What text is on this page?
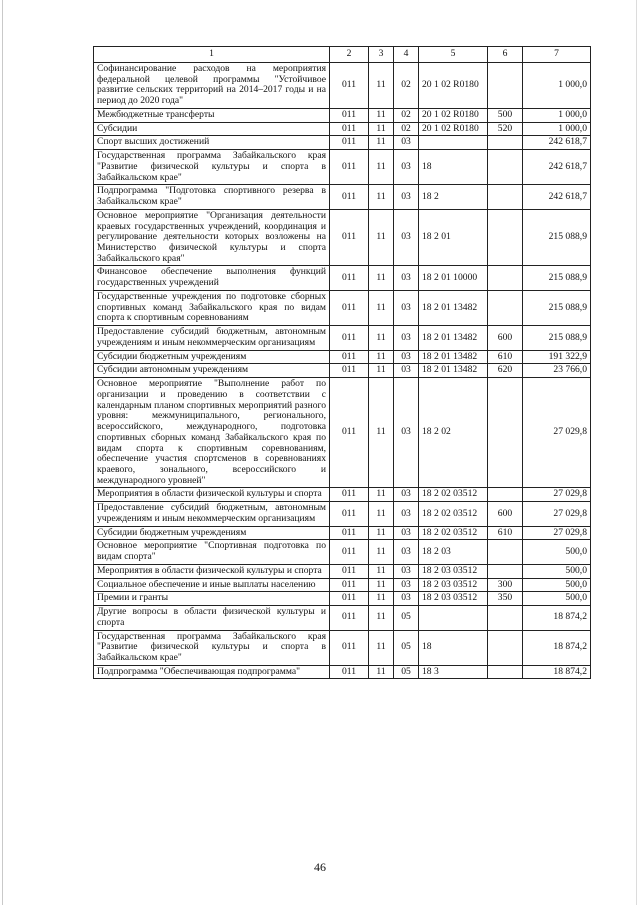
1	2	3	4	5	6	7
Софинансирование расходов на мероприятия федеральной целевой программы "Устойчивое развитие сельских территорий на 2014–2017 годы и на период до 2020 года"	011	11	02	20 1 02 R0180		1 000,0
Межбюджетные трансферты	011	11	02	20 1 02 R0180	500	1 000,0
Субсидии	011	11	02	20 1 02 R0180	520	1 000,0
Спорт высших достижений	011	11	03			242 618,7
Государственная программа Забайкальского края "Развитие физической культуры и спорта в Забайкальском крае"	011	11	03	18		242 618,7
Подпрограмма "Подготовка спортивного резерва в Забайкальском крае"	011	11	03	18 2		242 618,7
Основное мероприятие "Организация деятельности краевых государственных учреждений, координация и регулирование деятельности которых возложены на Министерство физической культуры и спорта Забайкальского края"	011	11	03	18 2 01		215 088,9
Финансовое обеспечение выполнения функций государственных учреждений	011	11	03	18 2 01 10000		215 088,9
Государственные учреждения по подготовке сборных спортивных команд Забайкальского края по видам спорта к спортивным соревнованиям	011	11	03	18 2 01 13482		215 088,9
Предоставление субсидий бюджетным, автономным учреждениям и иным некоммерческим организациям	011	11	03	18 2 01 13482	600	215 088,9
Субсидии бюджетным учреждениям	011	11	03	18 2 01 13482	610	191 322,9
Субсидии автономным учреждениям	011	11	03	18 2 01 13482	620	23 766,0
Основное мероприятие "Выполнение работ по организации и проведению в соответствии с календарным планом спортивных мероприятий разного уровня: межмуниципального, регионального, всероссийского, международного, подготовка спортивных сборных команд Забайкальского края по видам спорта к спортивным соревнованиям, обеспечение участия спортсменов в соревнованиях краевого, зонального, всероссийского и международного уровней"	011	11	03	18 2 02		27 029,8
Мероприятия в области физической культуры и спорта	011	11	03	18 2 02 03512		27 029,8
Предоставление субсидий бюджетным, автономным учреждениям и иным некоммерческим организациям	011	11	03	18 2 02 03512	600	27 029,8
Субсидии бюджетным учреждениям	011	11	03	18 2 02 03512	610	27 029,8
Основное мероприятие "Спортивная подготовка по видам спорта"	011	11	03	18 2 03		500,0
Мероприятия в области физической культуры и спорта	011	11	03	18 2 03 03512		500,0
Социальное обеспечение и иные выплаты населению	011	11	03	18 2 03 03512	300	500,0
Премии и гранты	011	11	03	18 2 03 03512	350	500,0
Другие вопросы в области физической культуры и спорта	011	11	05			18 874,2
Государственная программа Забайкальского края "Развитие физической культуры и спорта в Забайкальском крае"	011	11	05	18		18 874,2
Подпрограмма "Обеспечивающая подпрограмма"	011	11	05	18 3		18 874,2
46
